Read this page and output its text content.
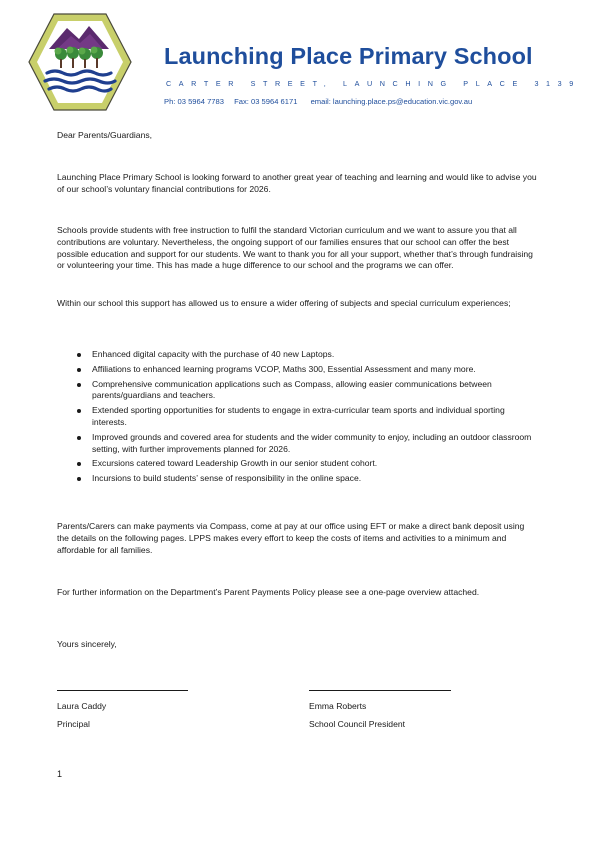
Launching Place Primary School
CARTER STREET, LAUNCHING PLACE 3139
Ph: 03 5964 7783 Fax: 03 5964 6171 email: launching.place.ps@education.vic.gov.au
Dear Parents/Guardians,
Launching Place Primary School is looking forward to another great year of teaching and learning and would like to advise you of our school’s voluntary financial contributions for 2026.
Schools provide students with free instruction to fulfil the standard Victorian curriculum and we want to assure you that all contributions are voluntary. Nevertheless, the ongoing support of our families ensures that our school can offer the best possible education and support for our students. We want to thank you for all your support, whether that’s through fundraising or volunteering your time. This has made a huge difference to our school and the programs we can offer.
Within our school this support has allowed us to ensure a wider offering of subjects and special curriculum experiences;
Enhanced digital capacity with the purchase of 40 new Laptops.
Affiliations to enhanced learning programs VCOP, Maths 300, Essential Assessment and many more.
Comprehensive communication applications such as Compass, allowing easier communications between parents/guardians and teachers.
Extended sporting opportunities for students to engage in extra-curricular team sports and individual sporting interests.
Improved grounds and covered area for students and the wider community to enjoy, including an outdoor classroom setting, with further improvements planned for 2026.
Excursions catered toward Leadership Growth in our senior student cohort.
Incursions to build students’ sense of responsibility in the online space.
Parents/Carers can make payments via Compass, come at pay at our office using EFT or make a direct bank deposit using the details on the following pages. LPPS makes every effort to keep the costs of items and activities to a minimum and affordable for all families.
For further information on the Department’s Parent Payments Policy please see a one-page overview attached.
Yours sincerely,
Laura Caddy
Principal
Emma Roberts
School Council President
1
